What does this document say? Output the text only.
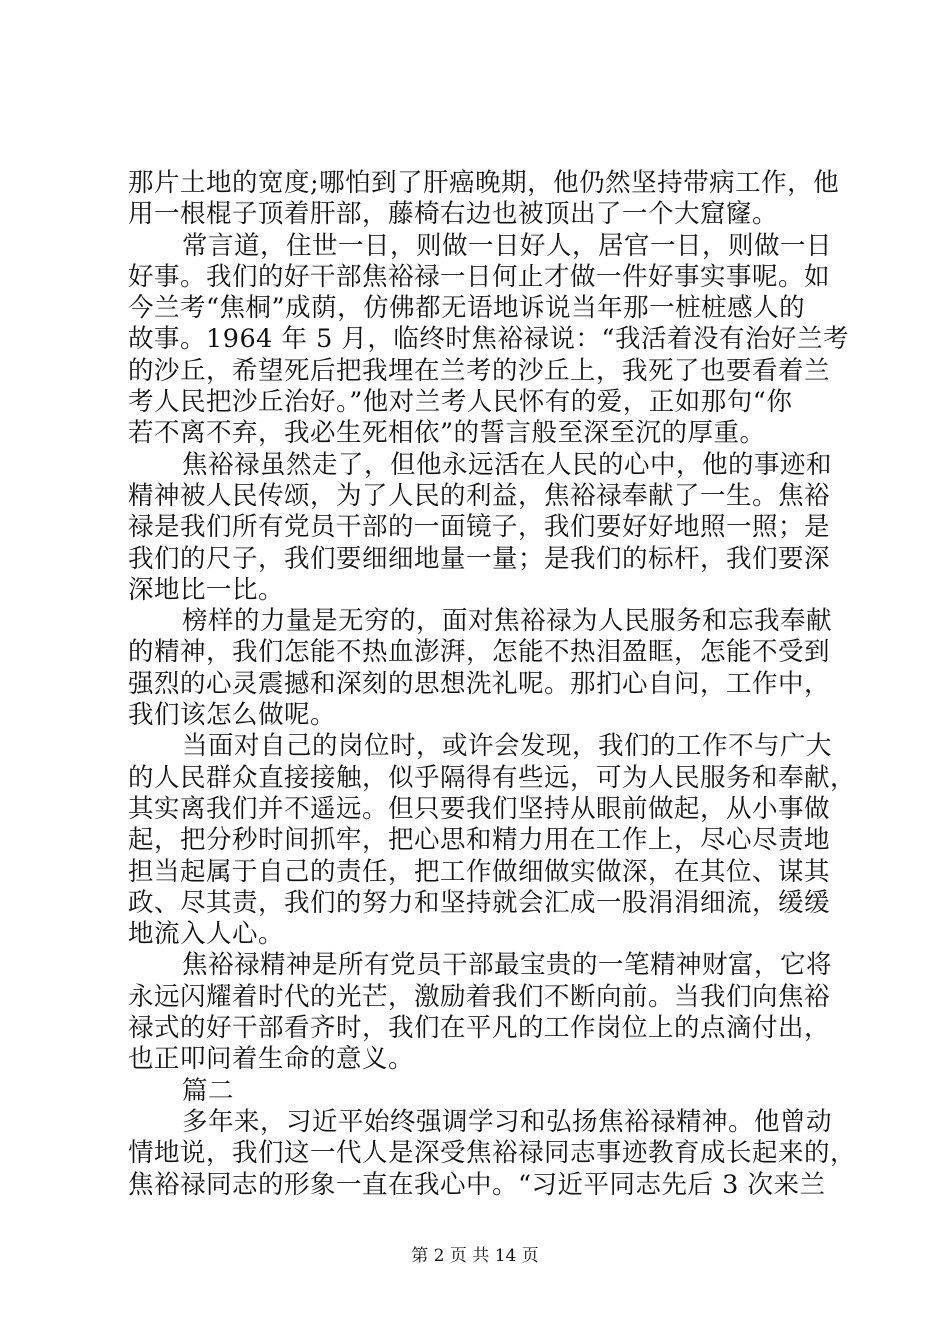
那片土地的宽度;哪怕到了肝癌晚期，他仍然坚持带病工作，他
用一根棍子顶着肝部，藤椅右边也被顶出了一个大窟窿。
常言道，住世一日，则做一日好人，居官一日，则做一日
好事。我们的好干部焦裕禄一日何止才做一件好事实事呢。如
今兰考“焦桐”成荫，仿佛都无语地诉说当年那一桩桩感人的
故事。1964 年 5 月，临终时焦裕禄说：“我活着没有治好兰考
的沙丘，希望死后把我埋在兰考的沙丘上，我死了也要看着兰
考人民把沙丘治好。”他对兰考人民怀有的爱，正如那句“你
若不离不弃，我必生死相依”的誓言般至深至沉的厚重。
焦裕禄虽然走了，但他永远活在人民的心中，他的事迹和
精神被人民传颂，为了人民的利益，焦裕禄奉献了一生。焦裕
禄是我们所有党员干部的一面镜子，我们要好好地照一照；是
我们的尺子，我们要细细地量一量；是我们的标杆，我们要深
深地比一比。
榜样的力量是无穷的，面对焦裕禄为人民服务和忘我奉献
的精神，我们怎能不热血澎湃，怎能不热泪盈眶，怎能不受到
强烈的心灵震撼和深刻的思想洗礼呢。那扪心自问，工作中，
我们该怎么做呢。
当面对自己的岗位时，或许会发现，我们的工作不与广大
的人民群众直接接触，似乎隔得有些远，可为人民服务和奉献，
其实离我们并不遥远。但只要我们坚持从眼前做起，从小事做
起，把分秒时间抓牢，把心思和精力用在工作上，尽心尽责地
担当起属于自己的责任，把工作做细做实做深，在其位、谋其
政、尽其责，我们的努力和坚持就会汇成一股涓涓细流，缓缓
地流入人心。
焦裕禄精神是所有党员干部最宝贵的一笔精神财富，它将
永远闪耀着时代的光芒，激励着我们不断向前。当我们向焦裕
禄式的好干部看齐时，我们在平凡的工作岗位上的点滴付出，
也正叩问着生命的意义。
篇二
多年来，习近平始终强调学习和弘扬焦裕禄精神。他曾动
情地说，我们这一代人是深受焦裕禄同志事迹教育成长起来的，
焦裕禄同志的形象一直在我心中。“习近平同志先后 3 次来兰
第 2 页 共 14 页
